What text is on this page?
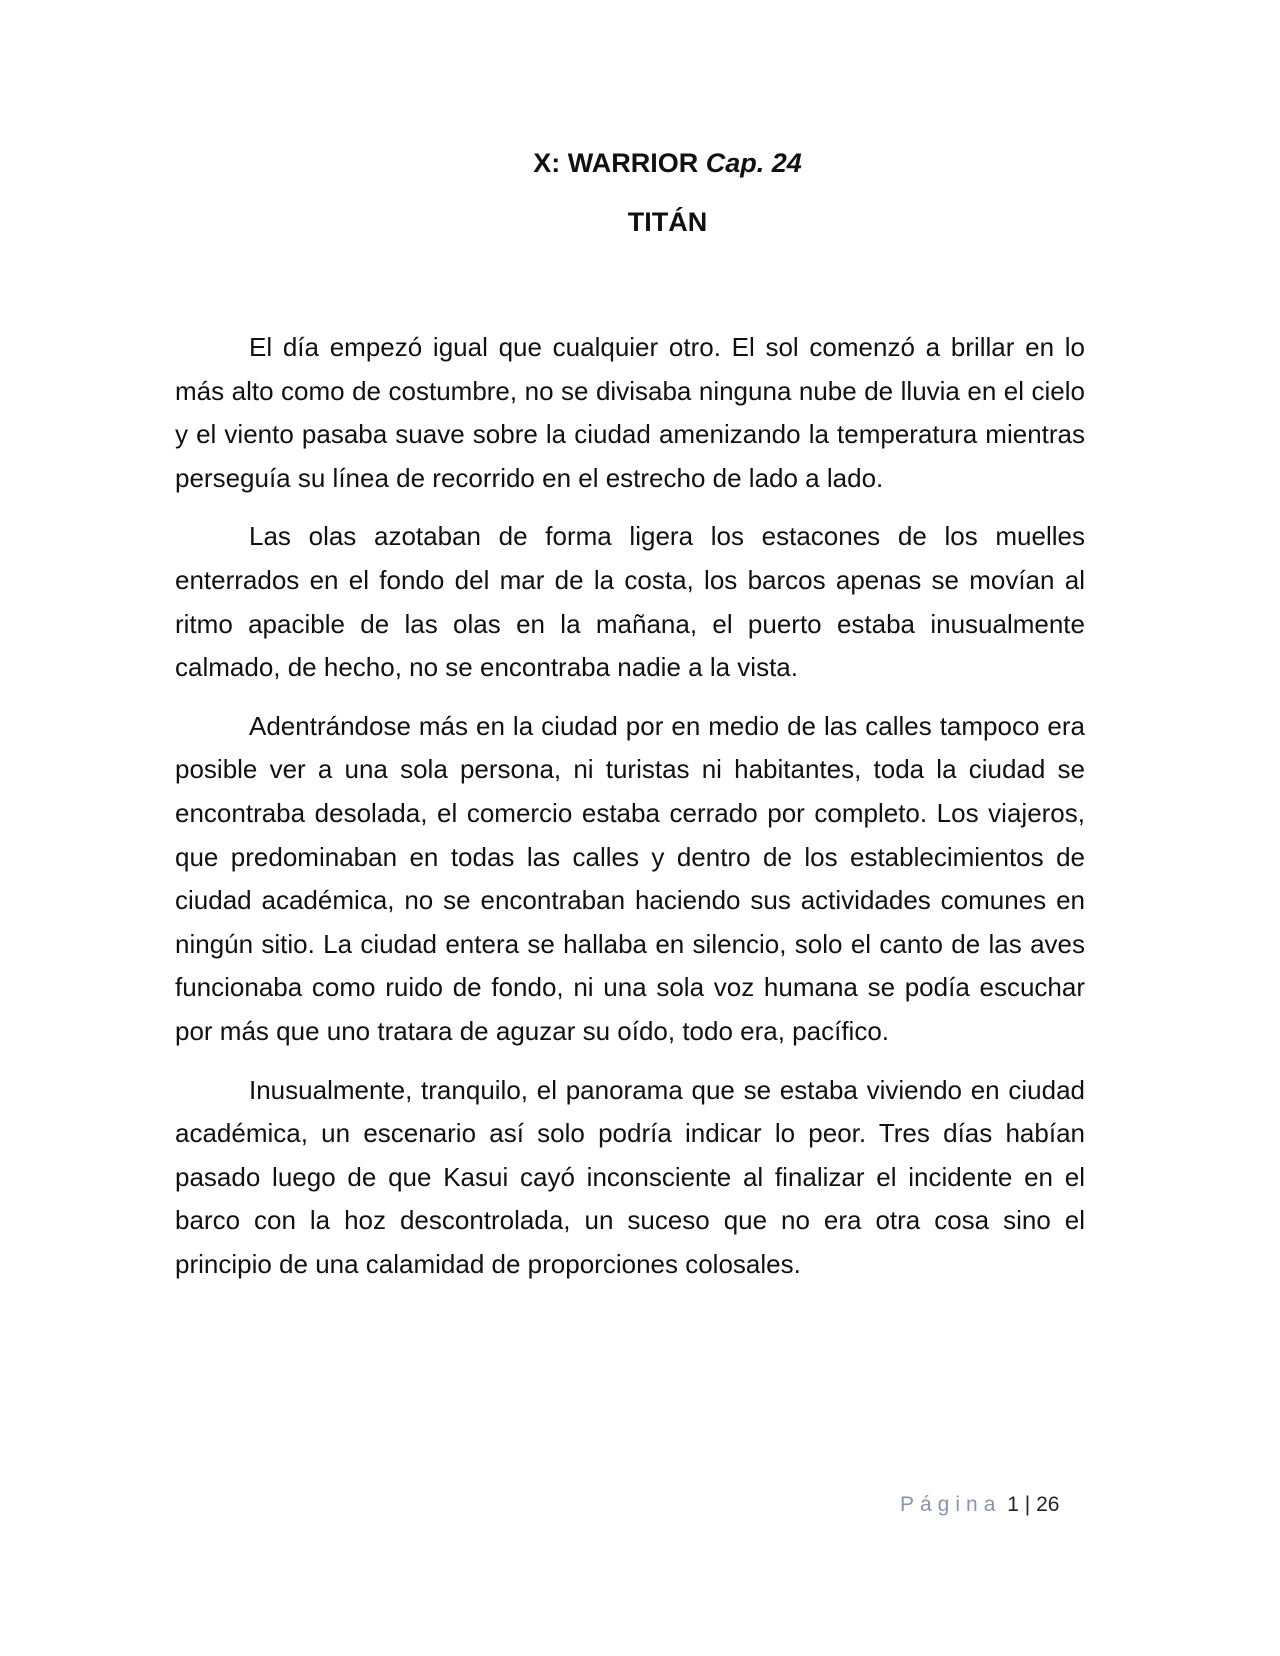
X: WARRIOR Cap. 24
TITÁN

El día empezó igual que cualquier otro. El sol comenzó a brillar en lo más alto como de costumbre, no se divisaba ninguna nube de lluvia en el cielo y el viento pasaba suave sobre la ciudad amenizando la temperatura mientras perseguía su línea de recorrido en el estrecho de lado a lado.

Las olas azotaban de forma ligera los estacones de los muelles enterrados en el fondo del mar de la costa, los barcos apenas se movían al ritmo apacible de las olas en la mañana, el puerto estaba inusualmente calmado, de hecho, no se encontraba nadie a la vista.

Adentrándose más en la ciudad por en medio de las calles tampoco era posible ver a una sola persona, ni turistas ni habitantes, toda la ciudad se encontraba desolada, el comercio estaba cerrado por completo. Los viajeros, que predominaban en todas las calles y dentro de los establecimientos de ciudad académica, no se encontraban haciendo sus actividades comunes en ningún sitio. La ciudad entera se hallaba en silencio, solo el canto de las aves funcionaba como ruido de fondo, ni una sola voz humana se podía escuchar por más que uno tratara de aguzar su oído, todo era, pacífico.

Inusualmente, tranquilo, el panorama que se estaba viviendo en ciudad académica, un escenario así solo podría indicar lo peor. Tres días habían pasado luego de que Kasui cayó inconsciente al finalizar el incidente en el barco con la hoz descontrolada, un suceso que no era otra cosa sino el principio de una calamidad de proporciones colosales.

Página 1 | 26
